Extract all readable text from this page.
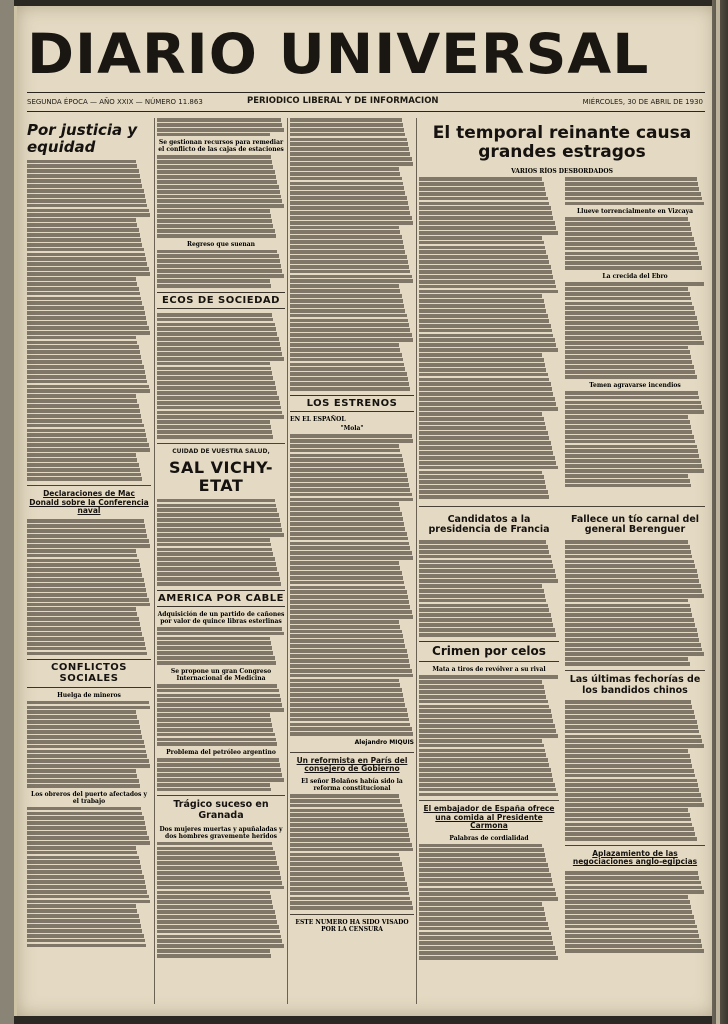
DIARIO UNIVERSAL
SEGUNDA ÉPOCA — AÑO XXIX — NÚMERO 11.863	PERIODICO LIBERAL Y DE INFORMACION	MIÉRCOLES, 30 DE ABRIL DE 1930
Por justicia y equidad
Declaraciones de Mac Donald sobre la Conferencia naval
CONFLICTOS SOCIALES
Huelga de mineros
Los obreros del puerto afectados y el trabajo
Se gestionan recursos para remediar el conflicto de las cajas de estaciones
Regreso que suenan
ECOS DE SOCIEDAD
CUIDAD DE VUESTRA SALUD,
SAL VICHY-ETAT
AMERICA POR CABLE
Adquisición de un partido de cañones por valor de quince libras esterlinas
Se propone un gran Congreso Internacional de Medicina
Problema del petróleo argentino
Trágico suceso en Granada
Dos mujeres muertas y apuñaladas y dos hombres gravemente heridos
LOS ESTRENOS
EN EL ESPAÑOL
"Mola"
Alejandro MIQUIS
Un reformista en París del consejero de Gobierno
El señor Bolaños había sido la reforma constitucional
ESTE NUMERO HA SIDO VISADO POR LA CENSURA
El temporal reinante causa grandes estragos
VARIOS RÍOS DESBORDADOS
Llueve torrencialmente en Vizcaya
La crecida del Ebro
Temen agravarse incendios
Candidatos a la presidencia de Francia
Crimen por celos
Mata a tiros de revólver a su rival
El embajador de España ofrece una comida al Presidente Carmona
Palabras de cordialidad
Fallece un tío carnal del general Berenguer
Las últimas fechorías de los bandidos chinos
Aplazamiento de las negociaciones anglo-egipcias
